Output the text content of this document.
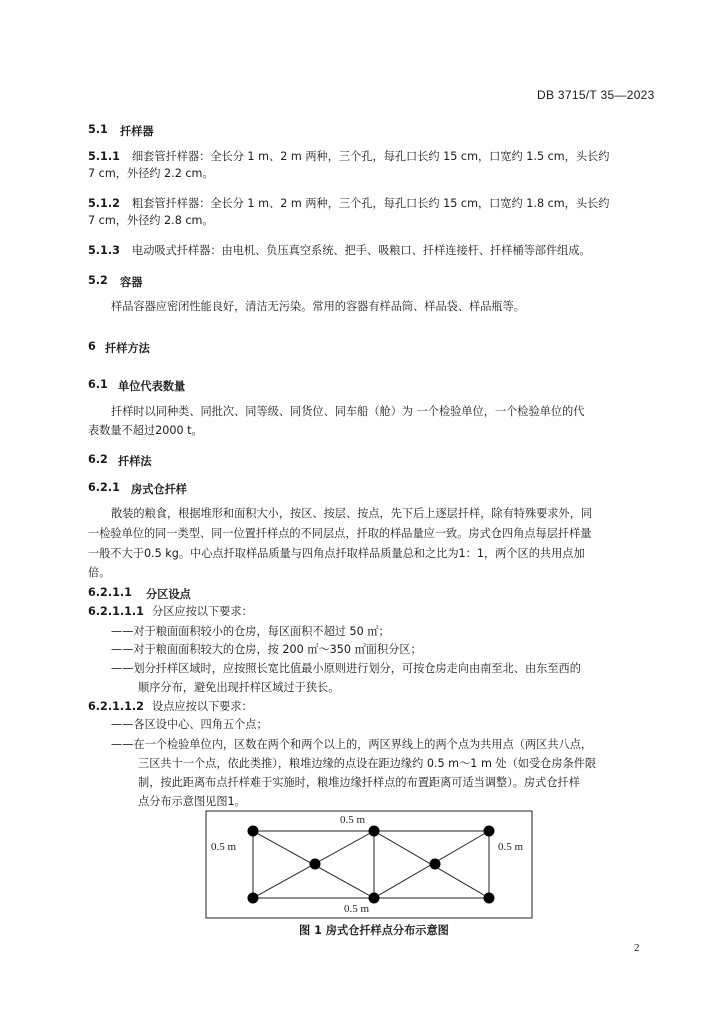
DB 3715/T 35—2023
5.1 扦样器
5.1.1 细套管扦样器：全长分 1 m、2 m 两种，三个孔，每孔口长约 15 cm，口宽约 1.5 cm，头长约
7 cm，外径约 2.2 cm。
5.1.2 粗套管扦样器：全长分 1 m、2 m 两种，三个孔，每孔口长约 15 cm，口宽约 1.8 cm，头长约
7 cm，外径约 2.8 cm。
5.1.3 电动吸式扦样器：由电机、负压真空系统、把手、吸粮口、扦样连接杆、扦样桶等部件组成。
5.2 容器
样品容器应密闭性能良好，清洁无污染。常用的容器有样品筒、样品袋、样品瓶等。
6 扦样方法
6.1 单位代表数量
扦样时以同种类、同批次、同等级、同货位、同车船（舱）为 一个检验单位，一个检验单位的代
表数量不超过2000 t。
6.2 扦样法
6.2.1 房式仓扦样
散装的粮食，根据堆形和面积大小，按区、按层、按点，先下后上逐层扦样，除有特殊要求外，同
一检验单位的同一类型、同一位置扦样点的不同层点，扦取的样品量应一致。房式仓四角点每层扦样量
一般不大于0.5 kg。中心点扦取样品质量与四角点扦取样品质量总和之比为1：1，两个区的共用点加
倍。
6.2.1.1 分区设点
6.2.1.1.1 分区应按以下要求：
——对于粮面面积较小的仓房，每区面积不超过 50 ㎡；
——对于粮面面积较大的仓房，按 200 ㎡～350 ㎡面积分区；
——划分扦样区域时，应按照长宽比值最小原则进行划分，可按仓房走向由南至北、由东至西的
顺序分布，避免出现扦样区域过于狭长。
6.2.1.1.2 设点应按以下要求：
——各区设中心、四角五个点；
——在一个检验单位内，区数在两个和两个以上的，两区界线上的两个点为共用点（两区共八点，
三区共十一个点，依此类推），粮堆边缘的点设在距边缘约 0.5 m～1 m 处（如受仓房条件限
制，按此距离布点扦样难于实施时，粮堆边缘扦样点的布置距离可适当调整）。房式仓扦样
点分布示意图见图1。
0.5 m
0.5 m
0.5 m	0.5 m
图 1 房式仓扦样点分布示意图
2
